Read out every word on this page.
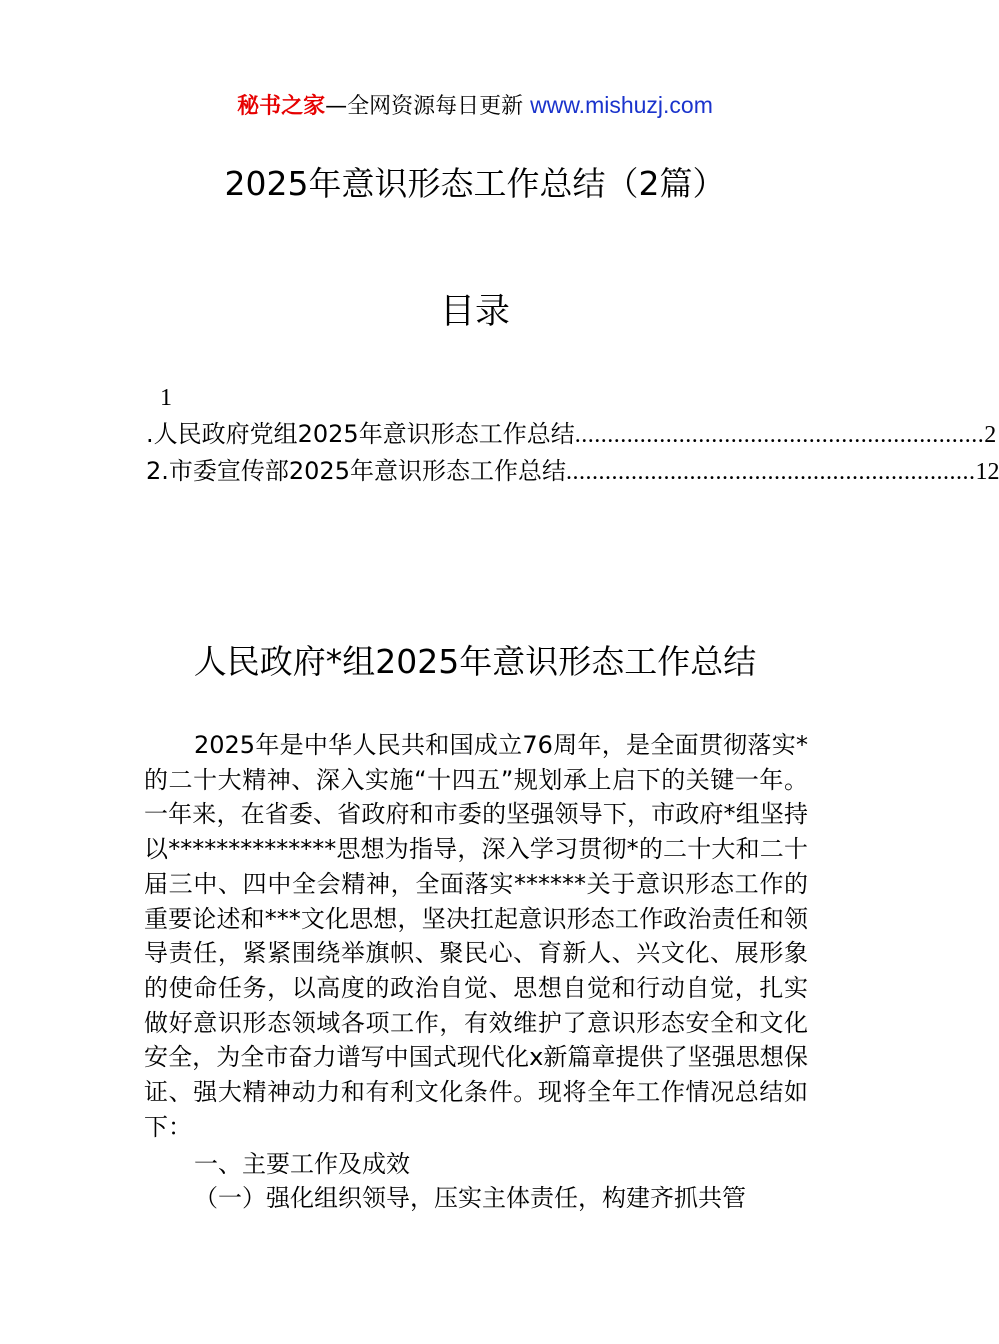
秘书之家—全网资源每日更新 www.mishuzj.com
2025年意识形态工作总结（2篇）
目录
1
.人民政府党组2025年意识形态工作总结 ............................................................... 2
2.市委宣传部2025年意识形态工作总结 ............................................................... 12
人民政府*组2025年意识形态工作总结
2025年是中华人民共和国成立76周年，是全面贯彻落实*的二十大精神、深入实施“十四五”规划承上启下的关键一年。一年来，在省委、省政府和市委的坚强领导下，市政府*组坚持以**************思想为指导，深入学习贯彻*的二十大和二十届三中、四中全会精神，全面落实******关于意识形态工作的重要论述和***文化思想，坚决扛起意识形态工作政治责任和领导责任，紧紧围绕举旗帜、聚民心、育新人、兴文化、展形象的使命任务，以高度的政治自觉、思想自觉和行动自觉，扎实做好意识形态领域各项工作，有效维护了意识形态安全和文化安全，为全市奋力谱写中国式现代化x新篇章提供了坚强思想保证、强大精神动力和有利文化条件。现将全年工作情况总结如下：
一、主要工作及成效
（一）强化组织领导，压实主体责任，构建齐抓共管
